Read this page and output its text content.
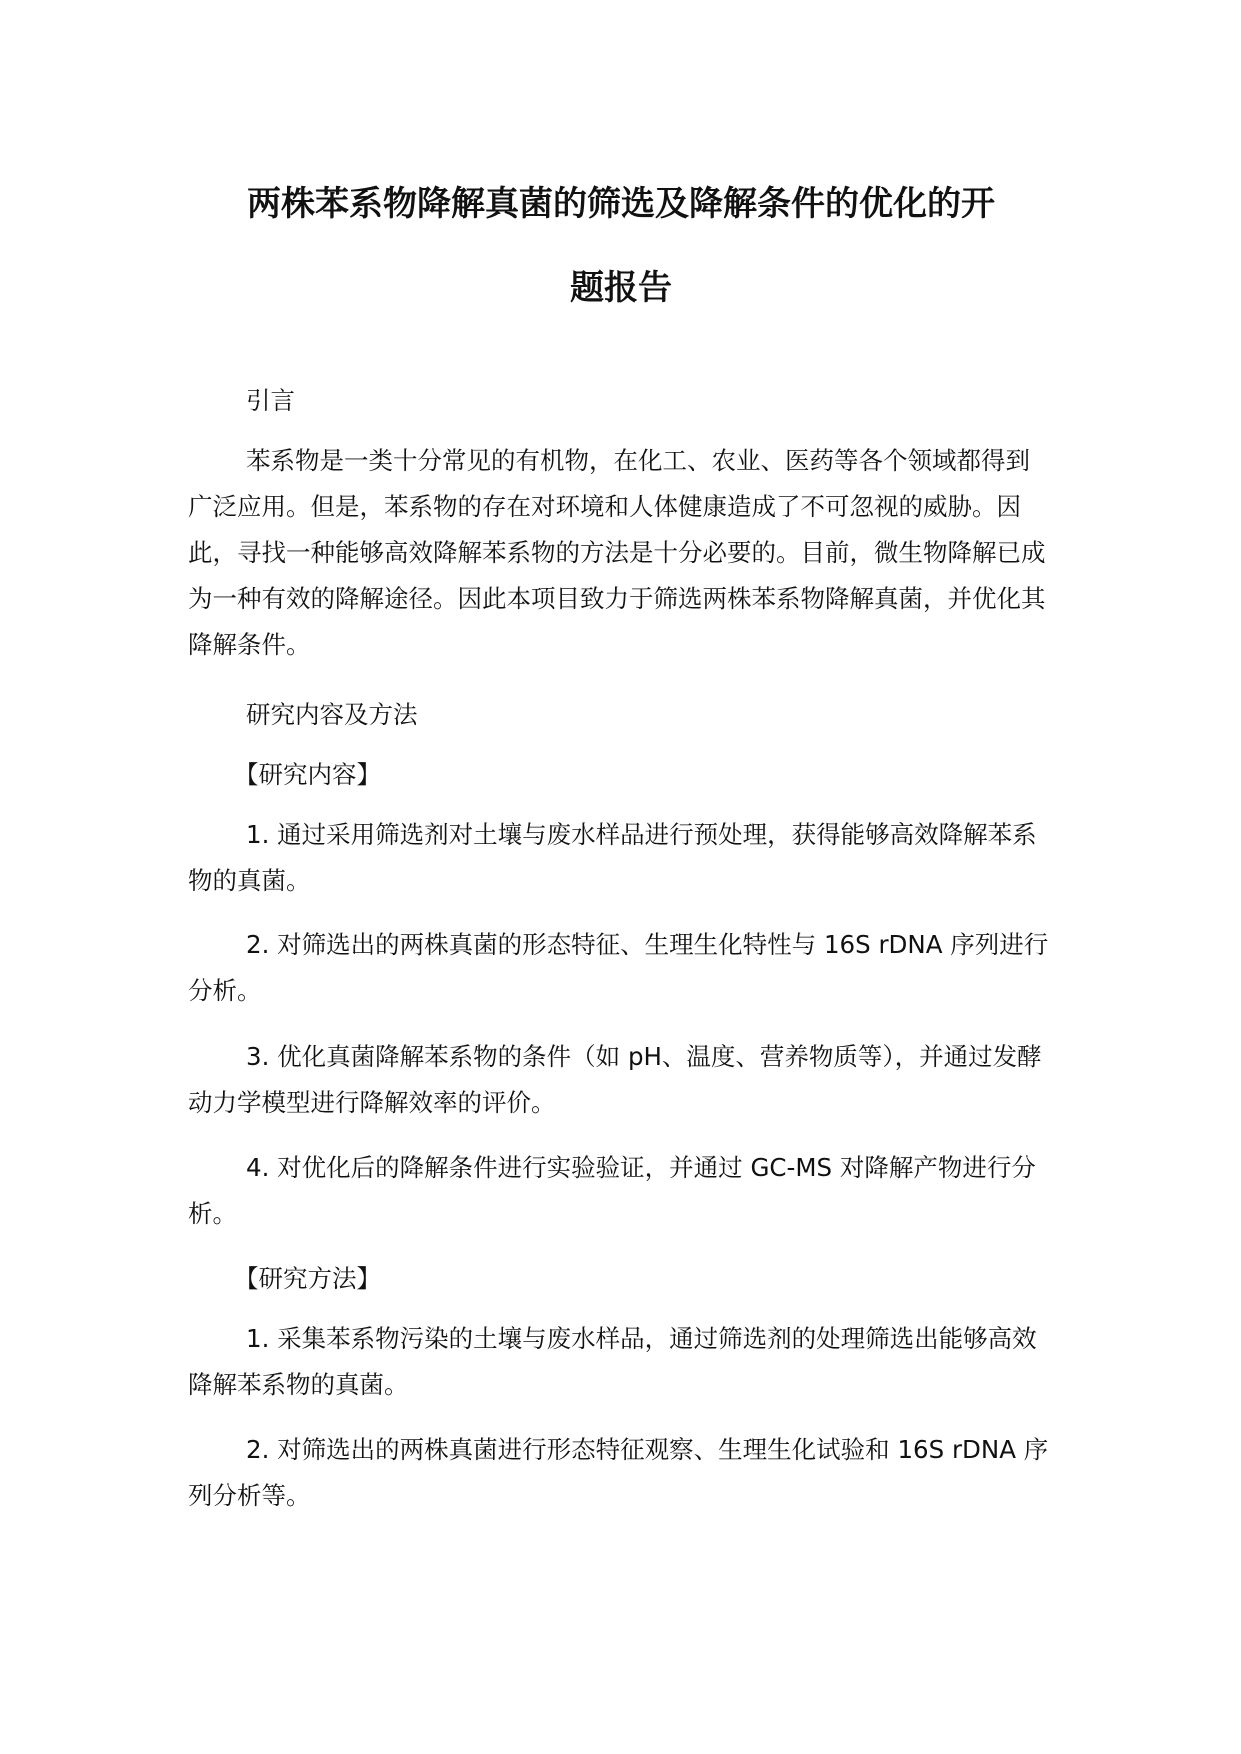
两株苯系物降解真菌的筛选及降解条件的优化的开
题报告

引言

苯系物是一类十分常见的有机物，在化工、农业、医药等各个领域都得到广泛应用。但是，苯系物的存在对环境和人体健康造成了不可忽视的威胁。因此，寻找一种能够高效降解苯系物的方法是十分必要的。目前，微生物降解已成为一种有效的降解途径。因此本项目致力于筛选两株苯系物降解真菌，并优化其降解条件。

研究内容及方法

【研究内容】

1. 通过采用筛选剂对土壤与废水样品进行预处理，获得能够高效降解苯系物的真菌。

2. 对筛选出的两株真菌的形态特征、生理生化特性与 16S rDNA 序列进行分析。

3. 优化真菌降解苯系物的条件（如 pH、温度、营养物质等），并通过发酵动力学模型进行降解效率的评价。

4. 对优化后的降解条件进行实验验证，并通过 GC-MS 对降解产物进行分析。

【研究方法】

1. 采集苯系物污染的土壤与废水样品，通过筛选剂的处理筛选出能够高效降解苯系物的真菌。

2. 对筛选出的两株真菌进行形态特征观察、生理生化试验和 16S rDNA 序列分析等。
